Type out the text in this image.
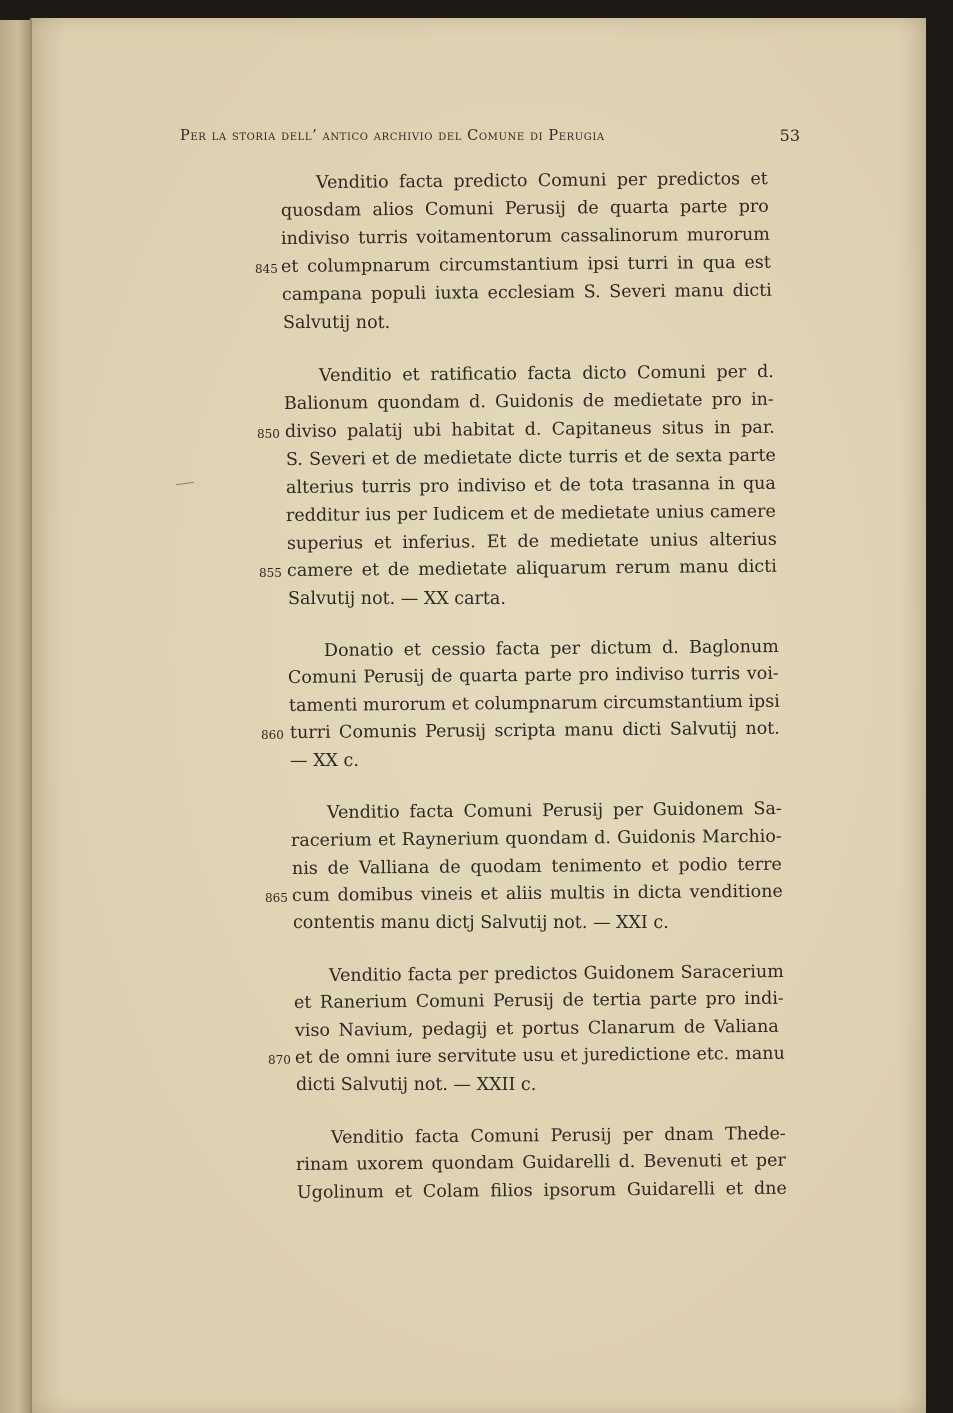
Per la storia dell’ antico archivio del Comune di Perugia	53
Venditio facta predicto Comuni per predictos et
quosdam alios Comuni Perusij de quarta parte pro
indiviso turris voitamentorum cassalinorum murorum
845 et columpnarum circumstantium ipsi turri in qua est
campana populi iuxta ecclesiam S. Severi manu dicti
Salvutij not.
Venditio et ratificatio facta dicto Comuni per d.
Balionum quondam d. Guidonis de medietate pro in-
850 diviso palatij ubi habitat d. Capitaneus situs in par.
S. Severi et de medietate dicte turris et de sexta parte
alterius turris pro indiviso et de tota trasanna in qua
redditur ius per Iudicem et de medietate unius camere
superius et inferius. Et de medietate unius alterius
855 camere et de medietate aliquarum rerum manu dicti
Salvutij not. — XX carta.
Donatio et cessio facta per dictum d. Baglonum
Comuni Perusij de quarta parte pro indiviso turris voi-
tamenti murorum et columpnarum circumstantium ipsi
860 turri Comunis Perusij scripta manu dicti Salvutij not.
— XX c.
Venditio facta Comuni Perusij per Guidonem Sa-
racerium et Raynerium quondam d. Guidonis Marchio-
nis de Valliana de quodam tenimento et podio terre
865 cum domibus vineis et aliis multis in dicta venditione
contentis manu dictj Salvutij not. — XXI c.
Venditio facta per predictos Guidonem Saracerium
et Ranerium Comuni Perusij de tertia parte pro indi-
viso Navium, pedagij et portus Clanarum de Valiana
870 et de omni iure servitute usu et juredictione etc. manu
dicti Salvutij not. — XXII c.
Venditio facta Comuni Perusij per dnam Thede-
rinam uxorem quondam Guidarelli d. Bevenuti et per
Ugolinum et Colam filios ipsorum Guidarelli et dne
